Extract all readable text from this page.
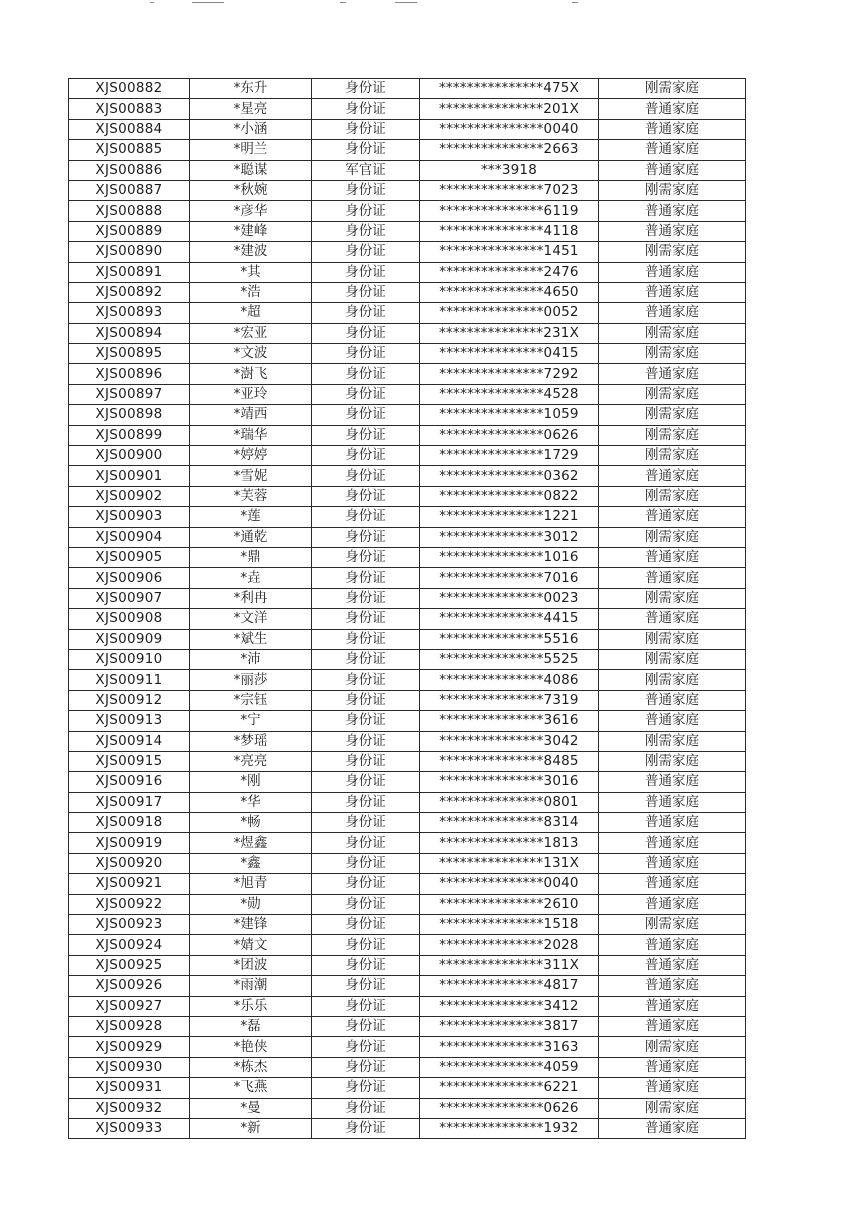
XJS00882	*东升	身份证	***************475X	刚需家庭
XJS00883	*星亮	身份证	***************201X	普通家庭
XJS00884	*小涵	身份证	***************0040	普通家庭
XJS00885	*明兰	身份证	***************2663	普通家庭
XJS00886	*聪谋	军官证	***3918	普通家庭
XJS00887	*秋婉	身份证	***************7023	刚需家庭
XJS00888	*彦华	身份证	***************6119	普通家庭
XJS00889	*建峰	身份证	***************4118	普通家庭
XJS00890	*建波	身份证	***************1451	刚需家庭
XJS00891	*其	身份证	***************2476	普通家庭
XJS00892	*浩	身份证	***************4650	普通家庭
XJS00893	*超	身份证	***************0052	普通家庭
XJS00894	*宏亚	身份证	***************231X	刚需家庭
XJS00895	*文波	身份证	***************0415	刚需家庭
XJS00896	*澍飞	身份证	***************7292	普通家庭
XJS00897	*亚玲	身份证	***************4528	刚需家庭
XJS00898	*靖西	身份证	***************1059	刚需家庭
XJS00899	*瑞华	身份证	***************0626	刚需家庭
XJS00900	*婷婷	身份证	***************1729	刚需家庭
XJS00901	*雪妮	身份证	***************0362	普通家庭
XJS00902	*芙蓉	身份证	***************0822	刚需家庭
XJS00903	*莲	身份证	***************1221	普通家庭
XJS00904	*通乾	身份证	***************3012	刚需家庭
XJS00905	*鼎	身份证	***************1016	普通家庭
XJS00906	*垚	身份证	***************7016	普通家庭
XJS00907	*利冉	身份证	***************0023	刚需家庭
XJS00908	*文洋	身份证	***************4415	普通家庭
XJS00909	*斌生	身份证	***************5516	刚需家庭
XJS00910	*沛	身份证	***************5525	刚需家庭
XJS00911	*丽莎	身份证	***************4086	刚需家庭
XJS00912	*宗钰	身份证	***************7319	普通家庭
XJS00913	*宁	身份证	***************3616	普通家庭
XJS00914	*梦瑶	身份证	***************3042	刚需家庭
XJS00915	*亮亮	身份证	***************8485	刚需家庭
XJS00916	*刚	身份证	***************3016	普通家庭
XJS00917	*华	身份证	***************0801	普通家庭
XJS00918	*畅	身份证	***************8314	普通家庭
XJS00919	*煜鑫	身份证	***************1813	普通家庭
XJS00920	*鑫	身份证	***************131X	普通家庭
XJS00921	*旭青	身份证	***************0040	普通家庭
XJS00922	*勋	身份证	***************2610	普通家庭
XJS00923	*建锋	身份证	***************1518	刚需家庭
XJS00924	*婧文	身份证	***************2028	普通家庭
XJS00925	*团波	身份证	***************311X	普通家庭
XJS00926	*雨潮	身份证	***************4817	普通家庭
XJS00927	*乐乐	身份证	***************3412	普通家庭
XJS00928	*磊	身份证	***************3817	普通家庭
XJS00929	*艳侠	身份证	***************3163	刚需家庭
XJS00930	*栋杰	身份证	***************4059	普通家庭
XJS00931	*飞燕	身份证	***************6221	普通家庭
XJS00932	*曼	身份证	***************0626	刚需家庭
XJS00933	*新	身份证	***************1932	普通家庭
